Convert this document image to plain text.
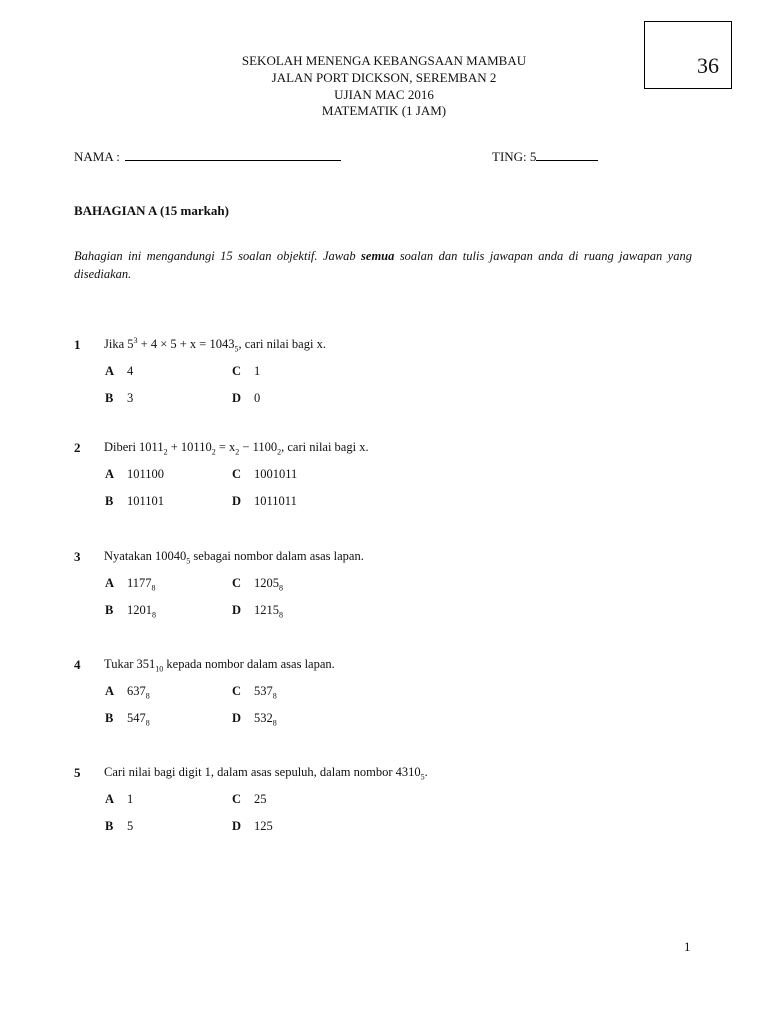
36
SEKOLAH MENENGA KEBANGSAAN MAMBAU
JALAN PORT DICKSON, SEREMBAN 2
UJIAN MAC 2016
MATEMATIK (1 JAM)
NAMA :	TING: 5
BAHAGIAN A (15 markah)
Bahagian ini mengandungi 15 soalan objektif. Jawab semua soalan dan tulis jawapan anda di ruang jawapan yang disediakan.
1 Jika $5^3 + 4 \times 5 + x = 1043_5$, cari nilai bagi x.
A 4	C 1
B 3	D 0
2 Diberi $1011_2 + 10110_2 = x_2 - 1100_2$, cari nilai bagi x.
A 101100	C 1001011
B 101101	D 1011011
3 Nyatakan $10040_5$ sebagai nombor dalam asas lapan.
A $1177_8$	C $1205_8$
B $1201_8$	D $1215_8$
4 Tukar $351_{10}$ kepada nombor dalam asas lapan.
A $637_8$	C $537_8$
B $547_8$	D $532_8$
5 Cari nilai bagi digit 1, dalam asas sepuluh, dalam nombor $4310_5$.
A 1	C 25
B 5	D 125
1
